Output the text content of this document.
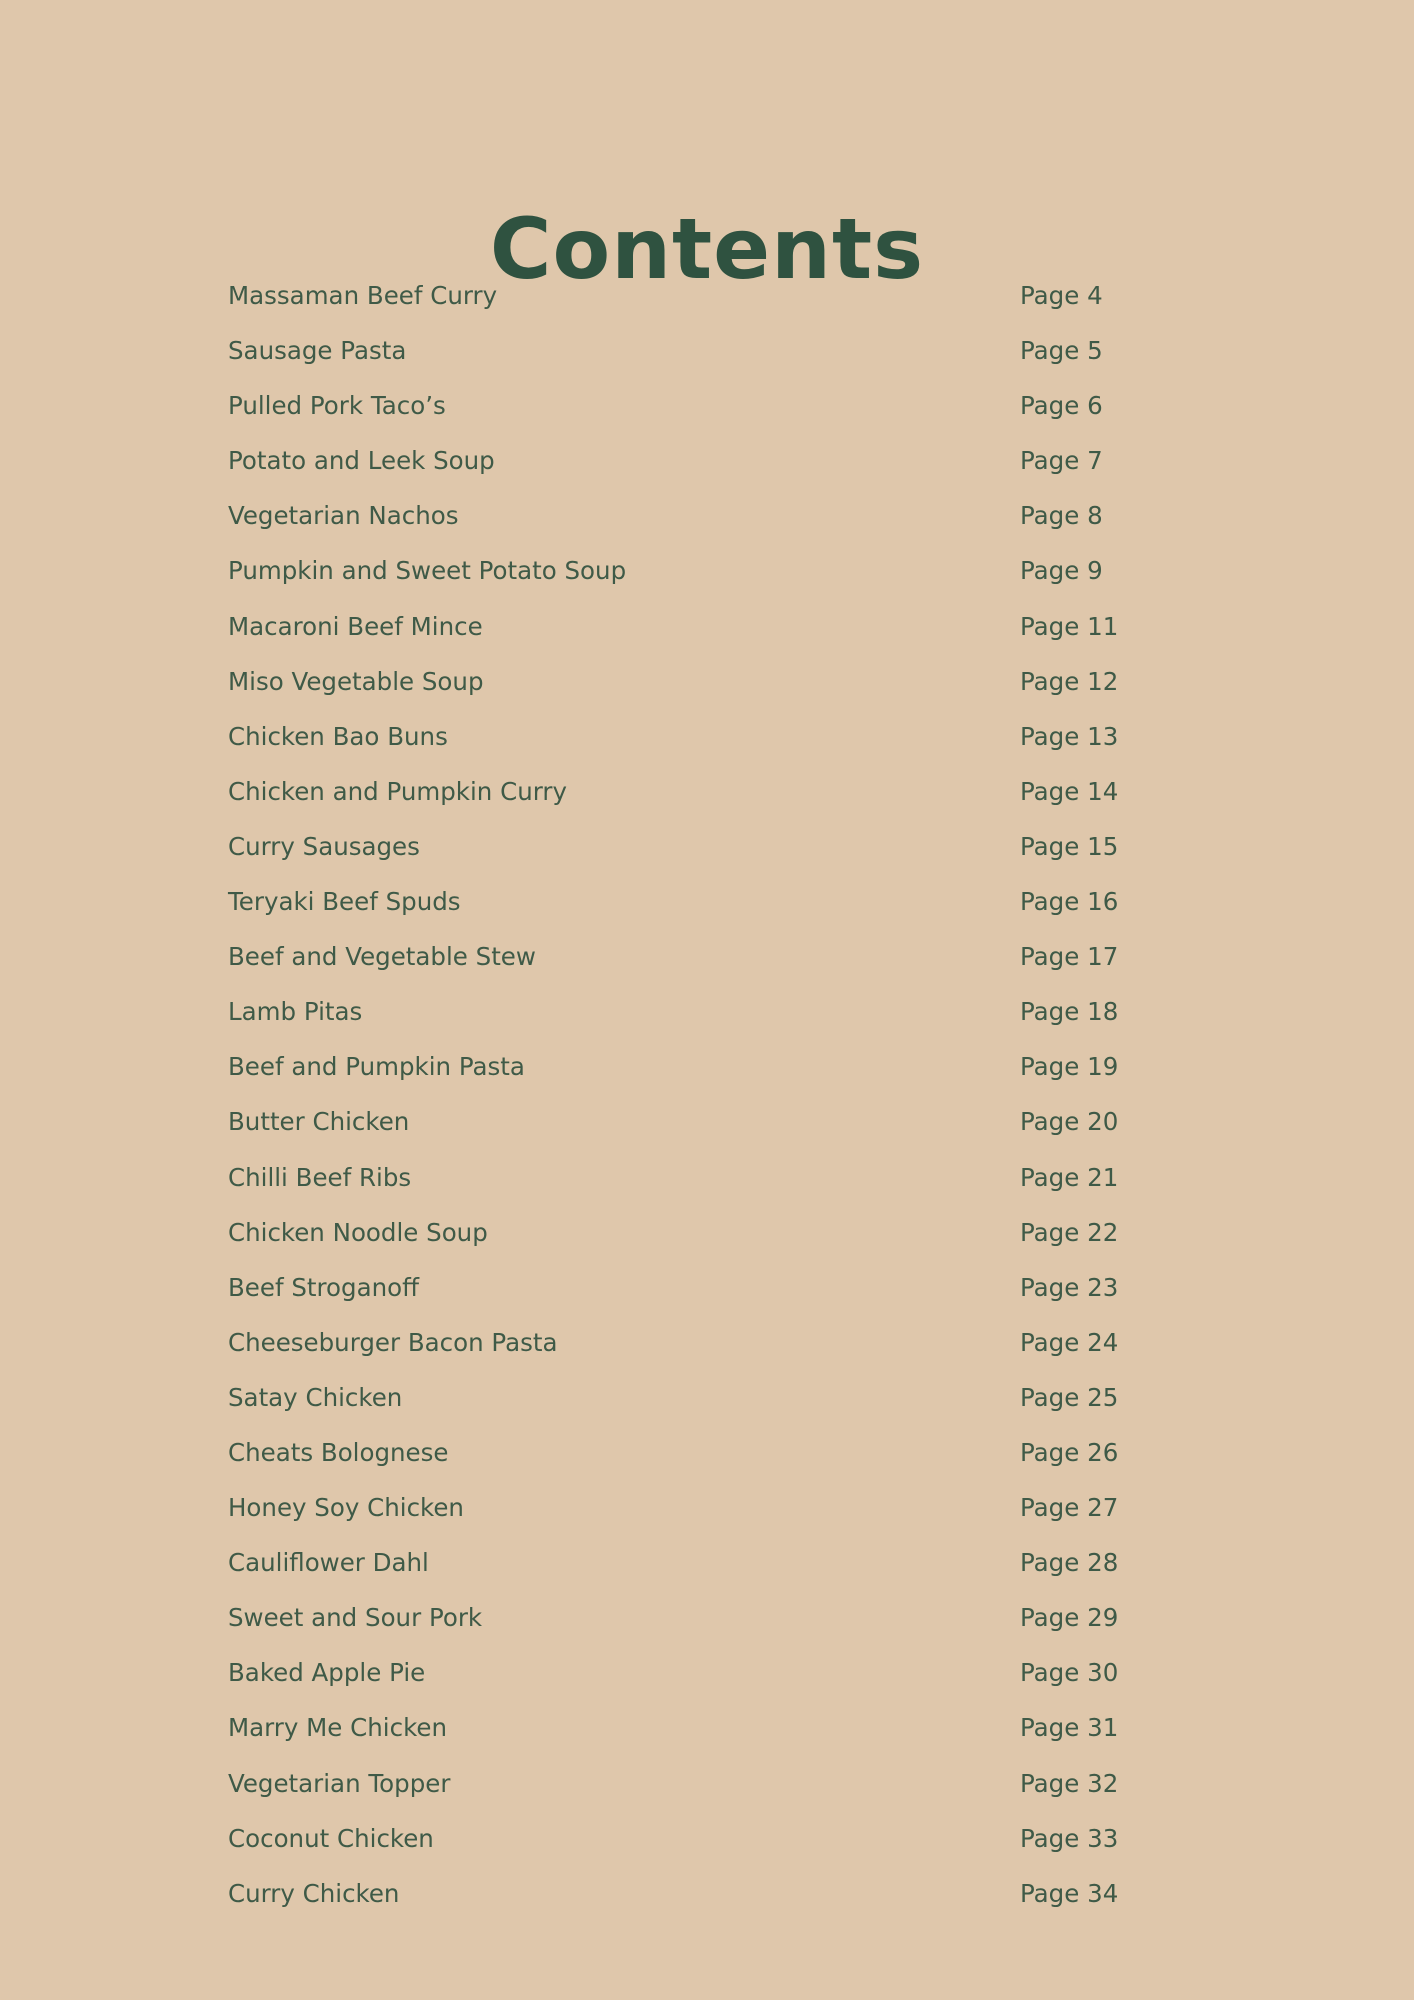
Contents
Massaman Beef Curry	Page 4
Sausage Pasta	Page 5
Pulled Pork Taco’s	Page 6
Potato and Leek Soup	Page 7
Vegetarian Nachos	Page 8
Pumpkin and Sweet Potato Soup	Page 9
Macaroni Beef Mince	Page 11
Miso Vegetable Soup	Page 12
Chicken Bao Buns	Page 13
Chicken and Pumpkin Curry	Page 14
Curry Sausages	Page 15
Teryaki Beef Spuds	Page 16
Beef and Vegetable Stew	Page 17
Lamb Pitas	Page 18
Beef and Pumpkin Pasta	Page 19
Butter Chicken	Page 20
Chilli Beef Ribs	Page 21
Chicken Noodle Soup	Page 22
Beef Stroganoff	Page 23
Cheeseburger Bacon Pasta	Page 24
Satay Chicken	Page 25
Cheats Bolognese	Page 26
Honey Soy Chicken	Page 27
Cauliflower Dahl	Page 28
Sweet and Sour Pork	Page 29
Baked Apple Pie	Page 30
Marry Me Chicken	Page 31
Vegetarian Topper	Page 32
Coconut Chicken	Page 33
Curry Chicken	Page 34
